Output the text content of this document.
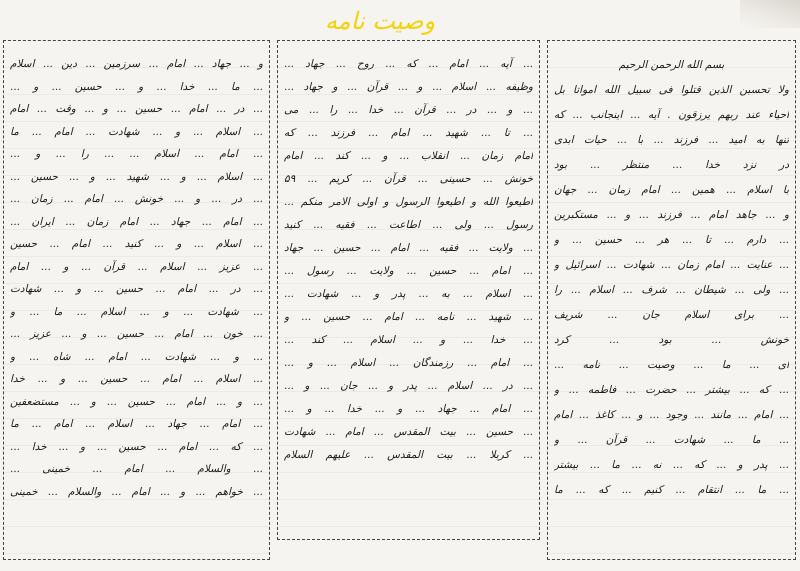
وصیت نامه
بسم الله الرحمن الرحیم
ولا تحسبن الذین قتلوا فی سبیل الله امواتا بل
احیاء عند ربهم یرزقون . آیه ... اینجانب ... که
تنها به امید ... فرزند ... با ... حیات ابدی
در نزد خدا ... منتظر ... بود
با اسلام ... همین ... امام زمان ... جهان
و ... جاهد امام ... فرزند ... و ... مستکبرین
... دارم ... تا ... هر ... حسین ... و
... عنایت ... امام زمان ... شهادت ... اسرائیل و
... ولی ... شیطان ... شرف ... اسلام ... را
... برای اسلام جان ... شریف
خونش ... بود ... کرد
ای ... ما ... وصیت ... نامه ...
... که ... بیشتر ... حضرت ... فاطمه ... و
... امام ... مانند ... وجود ... و ... کاغذ ... امام
... ما ... شهادت ... قرآن ... و
... پدر و ... که ... نه ... ما ... بیشتر
... ما ... انتقام ... کنیم ... که ... ما
... آیه ... امام ... که ... روح ... جهاد ...
وظیفه ... اسلام ... و ... قرآن ... و جهاد ...
... و ... در ... قرآن ... خدا ... را ... می
... تا ... شهید ... امام ... فرزند ... که
امام زمان ... انقلاب ... و ... کند ... امام
خونش ... حسینی ... قرآن ... کریم ... ۵۹
اطیعوا الله و اطیعوا الرسول و اولی الامر منکم ...
رسول ... ولی ... اطاعت ... فقیه ... کنید
... ولایت ... فقیه ... امام ... حسین ... جهاد
... امام ... حسین ... ولایت ... رسول ...
... اسلام ... به ... پدر و ... شهادت ...
... شهید ... نامه ... امام ... حسین ... و
... خدا ... و ... اسلام ... کند ...
... امام ... رزمندگان ... اسلام ... و ...
... در ... اسلام ... پدر و ... جان ... و ...
... امام ... جهاد ... و ... خدا ... و ...
... حسین ... بیت المقدس ... امام ... شهادت
... کربلا ... بیت المقدس ... علیهم السلام
و ... جهاد ... امام ... سرزمین ... دین ... اسلام
... ما ... خدا ... و ... حسین ... و ...
... در ... امام ... حسین ... و ... وقت ... امام
... اسلام ... و ... شهادت ... امام ... ما
... امام ... اسلام ... ... را ... و ...
... اسلام ... و ... شهید ... و ... حسین ...
... در ... و ... خونش ... امام ... زمان ...
... امام ... جهاد ... امام زمان ... ایران ...
... اسلام ... و ... کنید ... امام ... حسین
... عزیز ... اسلام ... قرآن ... و ... امام
... در ... امام ... حسین ... و ... شهادت
... شهادت ... و ... اسلام ... ما ... و
... خون ... امام ... حسین ... و ... عزیز ...
... و ... شهادت ... امام ... شاه ... و
... اسلام ... امام ... حسین ... و ... خدا
... و ... امام ... حسین ... و ... مستضعفین
... امام ... جهاد ... اسلام ... امام ... ما
... که ... امام ... حسین ... و ... خدا ...
... والسلام ... امام ... خمینی ...
... خواهم ... و ... امام ... والسلام ... خمینی
